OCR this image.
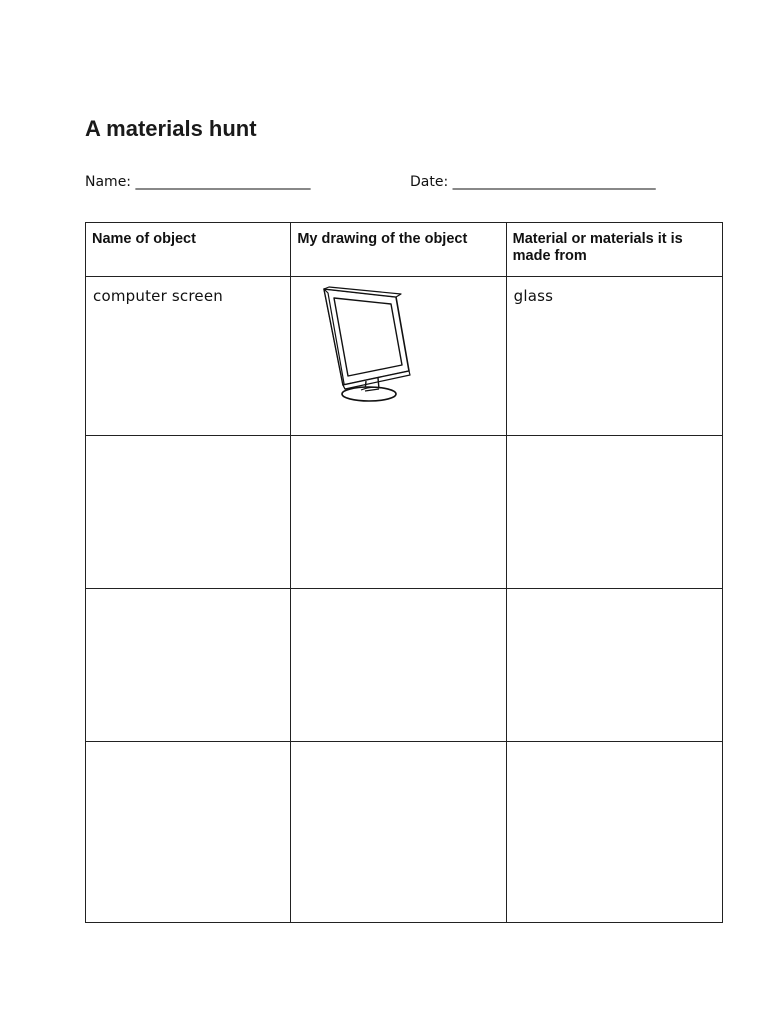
A materials hunt
Name: _________________________	Date: _____________________________
Name of object	My drawing of the object	Material or materials it is made from

computer screen		glass
